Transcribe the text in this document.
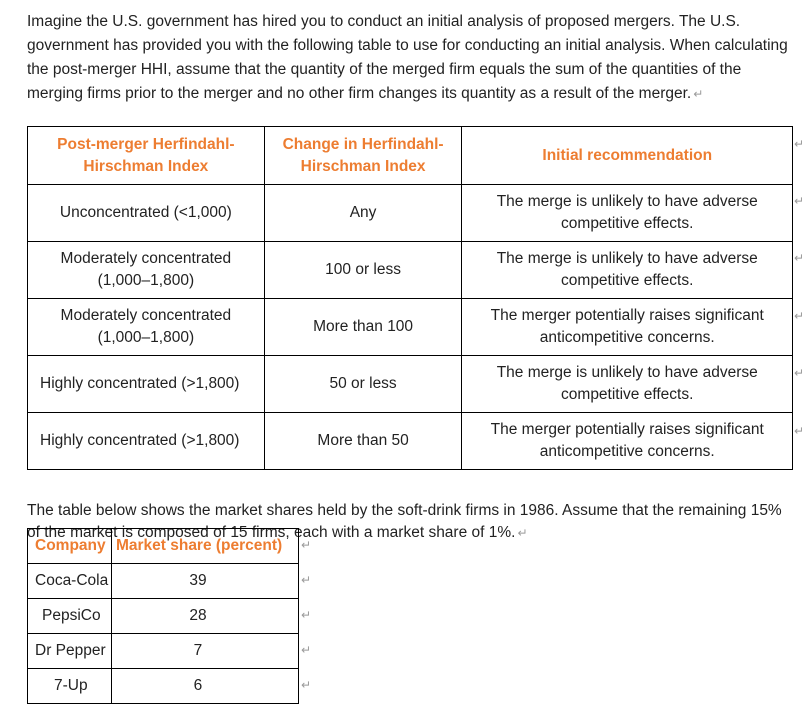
Imagine the U.S. government has hired you to conduct an initial analysis of proposed mergers. The U.S. government has provided you with the following table to use for conducting an initial analysis. When calculating the post-merger HHI, assume that the quantity of the merged firm equals the sum of the quantities of the merging firms prior to the merger and no other firm changes its quantity as a result of the merger. ↵

Post-merger Herfindahl-Hirschman Index	Change in Herfindahl-Hirschman Index	Initial recommendation
Unconcentrated (<1,000)	Any	The merge is unlikely to have adverse competitive effects.
Moderately concentrated (1,000–1,800)	100 or less	The merge is unlikely to have adverse competitive effects.
Moderately concentrated (1,000–1,800)	More than 100	The merger potentially raises significant anticompetitive concerns.
Highly concentrated (>1,800)	50 or less	The merge is unlikely to have adverse competitive effects.
Highly concentrated (>1,800)	More than 50	The merger potentially raises significant anticompetitive concerns.
↵
↵
↵
↵
↵
↵

The table below shows the market shares held by the soft-drink firms in 1986. Assume that the remaining 15% of the market is composed of 15 firms, each with a market share of 1%. ↵

Company	Market share (percent)
Coca-Cola	39
PepsiCo	28
Dr Pepper	7
7-Up	6
↵
↵
↵
↵
↵
